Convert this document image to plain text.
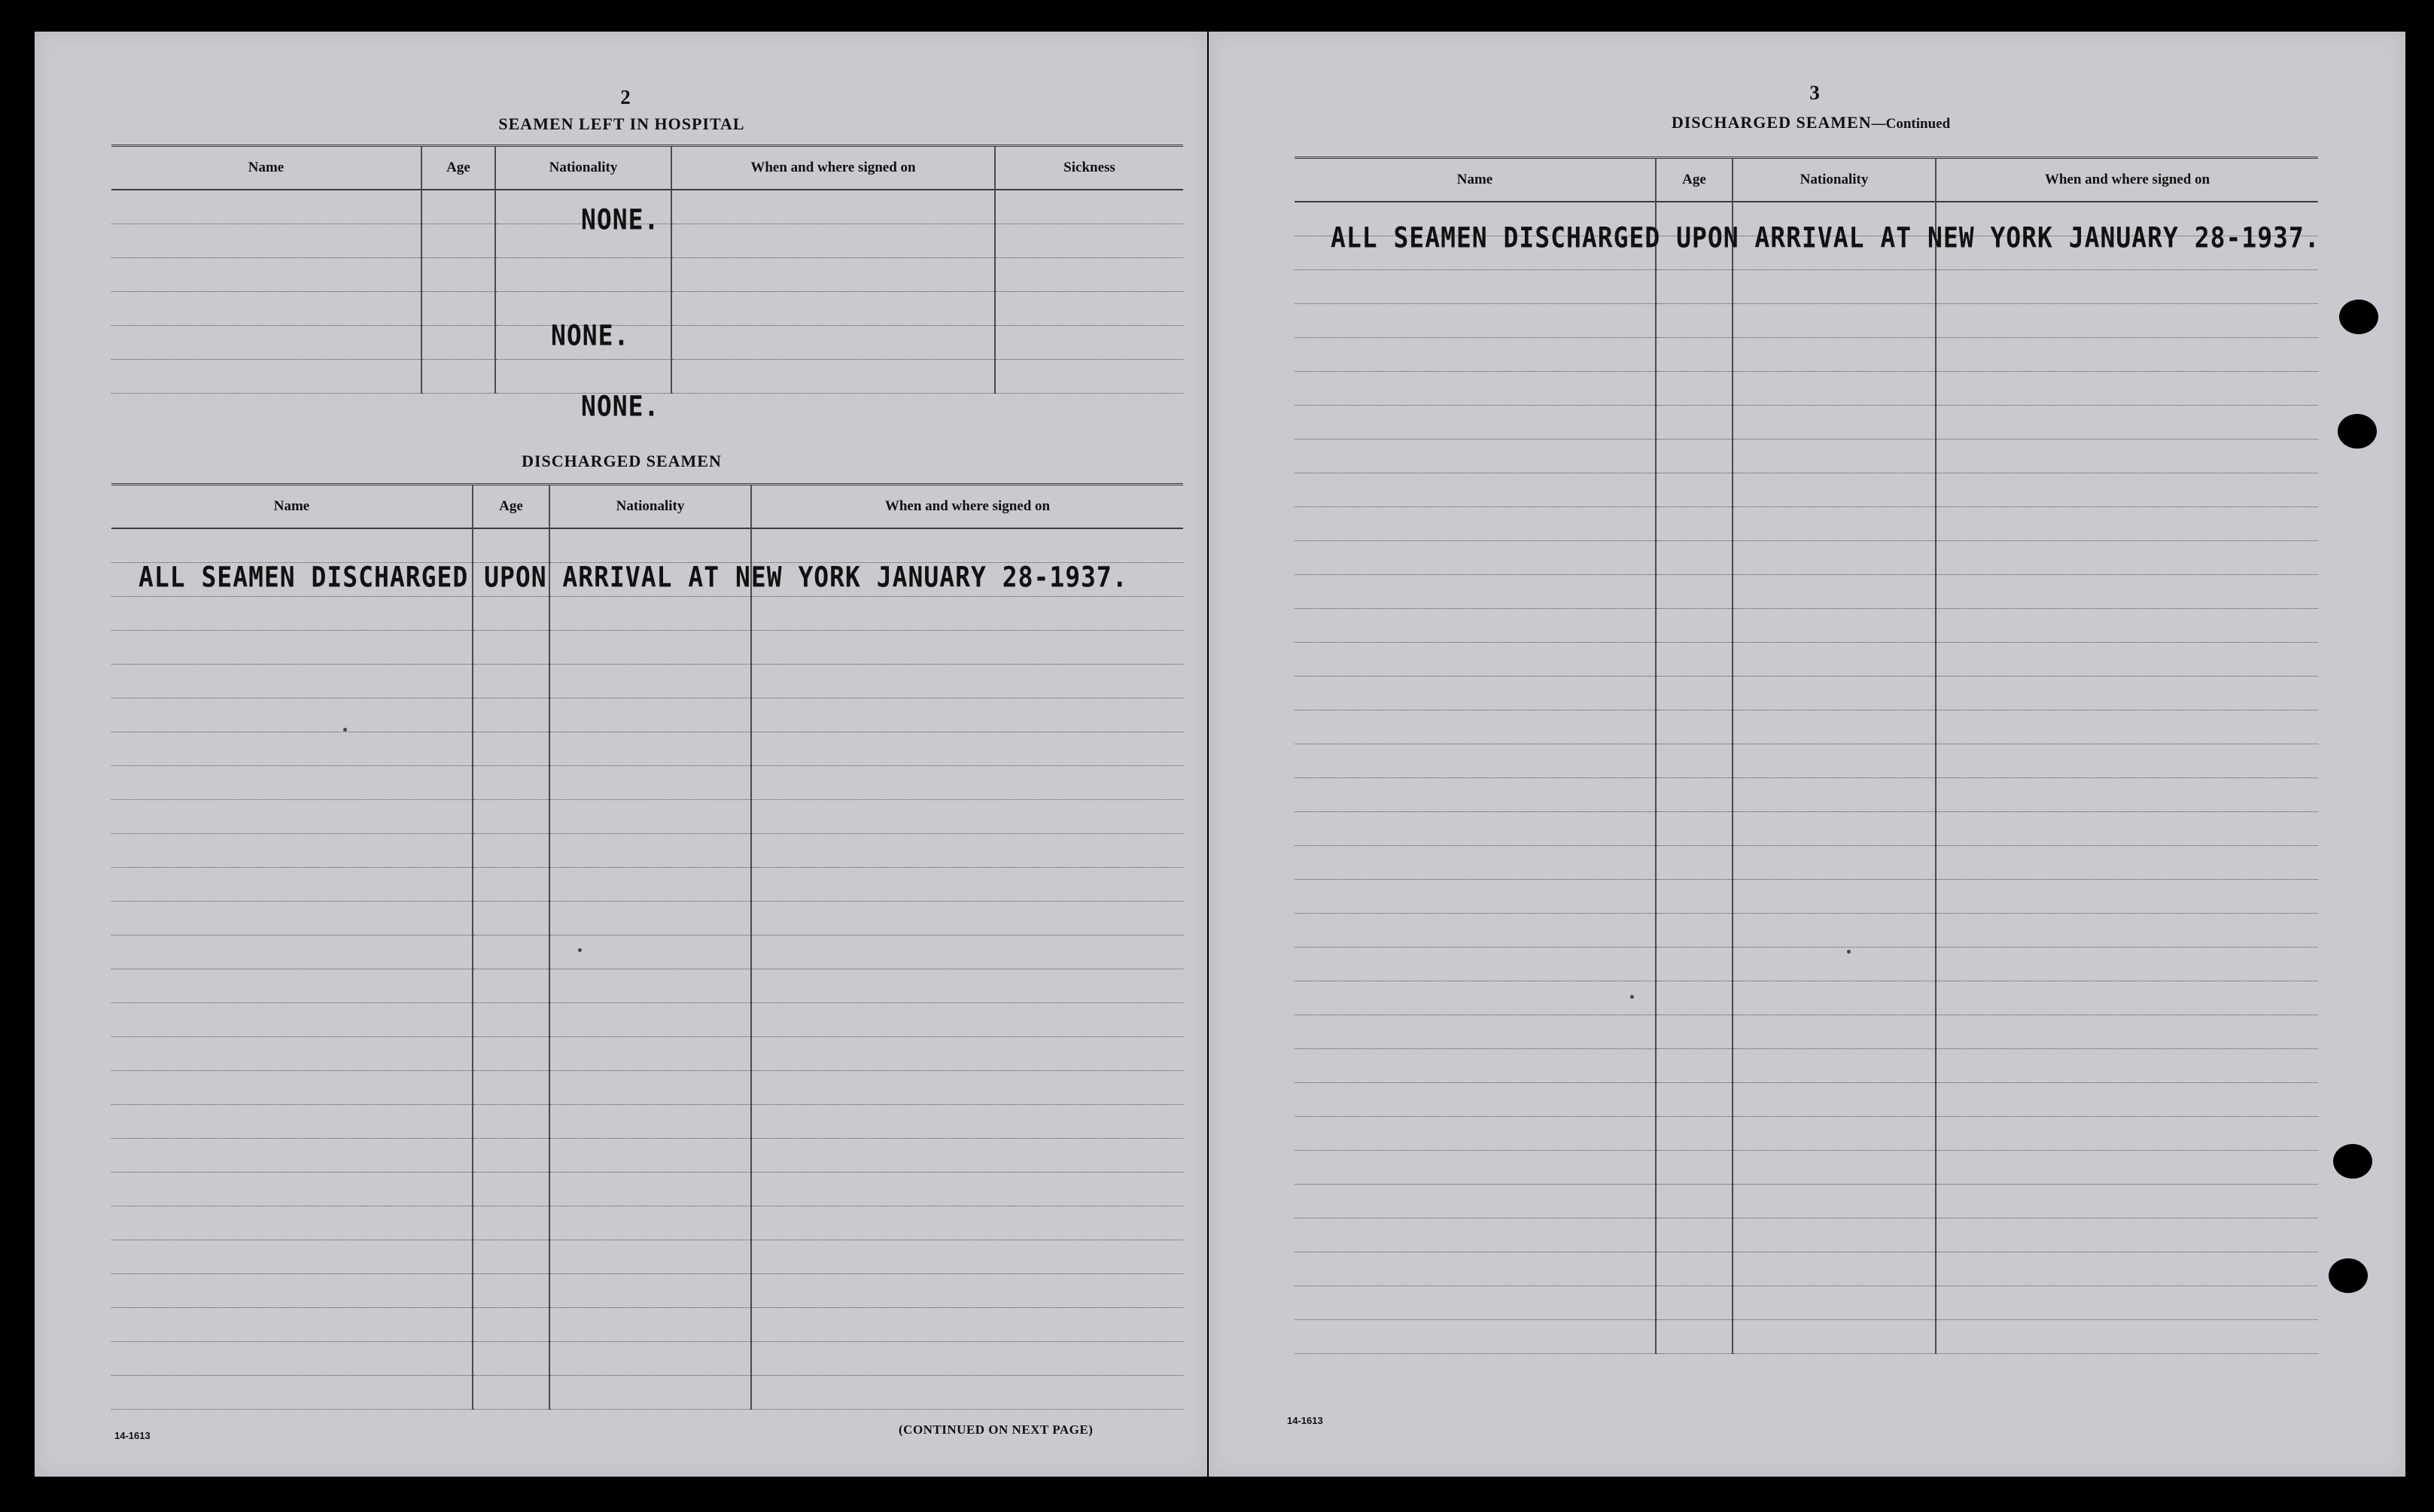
2
SEAMEN LEFT IN HOSPITAL
Name	Age	Nationality	When and where signed on	Sickness

NONE.
NONE.
NONE.
DISCHARGED SEAMEN
Name	Age	Nationality	When and where signed on

ALL SEAMEN DISCHARGED UPON ARRIVAL AT NEW YORK JANUARY 28-1937.
14-1613	(CONTINUED ON NEXT PAGE)
3
DISCHARGED SEAMEN—Continued
Name	Age	Nationality	When and where signed on

ALL SEAMEN DISCHARGED UPON ARRIVAL AT NEW YORK JANUARY 28-1937.
14-1613
